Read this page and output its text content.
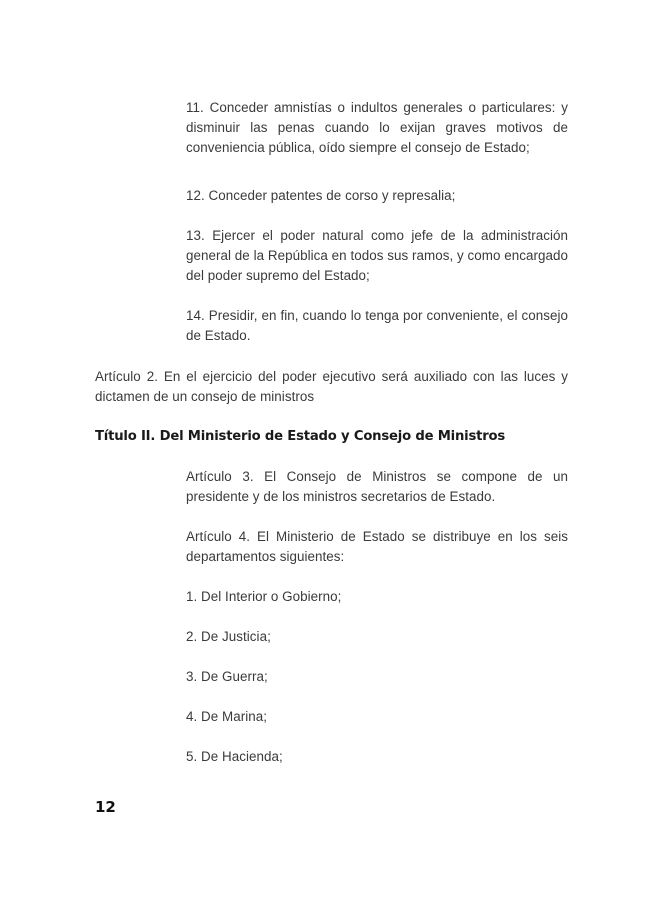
11. Conceder amnistías o indultos generales o particulares: y disminuir las penas cuando lo exijan graves motivos de conveniencia pública, oído siempre el consejo de Estado;

12. Conceder patentes de corso y represalia;

13. Ejercer el poder natural como jefe de la administración general de la República en todos sus ramos, y como encargado del poder supremo del Estado;

14. Presidir, en fin, cuando lo tenga por conveniente, el consejo de Estado.

Artículo 2. En el ejercicio del poder ejecutivo será auxiliado con las luces y dictamen de un consejo de ministros

Título II. Del Ministerio de Estado y Consejo de Ministros

Artículo 3. El Consejo de Ministros se compone de un presidente y de los ministros secretarios de Estado.

Artículo 4. El Ministerio de Estado se distribuye en los seis departamentos siguientes:

1. Del Interior o Gobierno;

2. De Justicia;

3. De Guerra;

4. De Marina;

5. De Hacienda;

12
